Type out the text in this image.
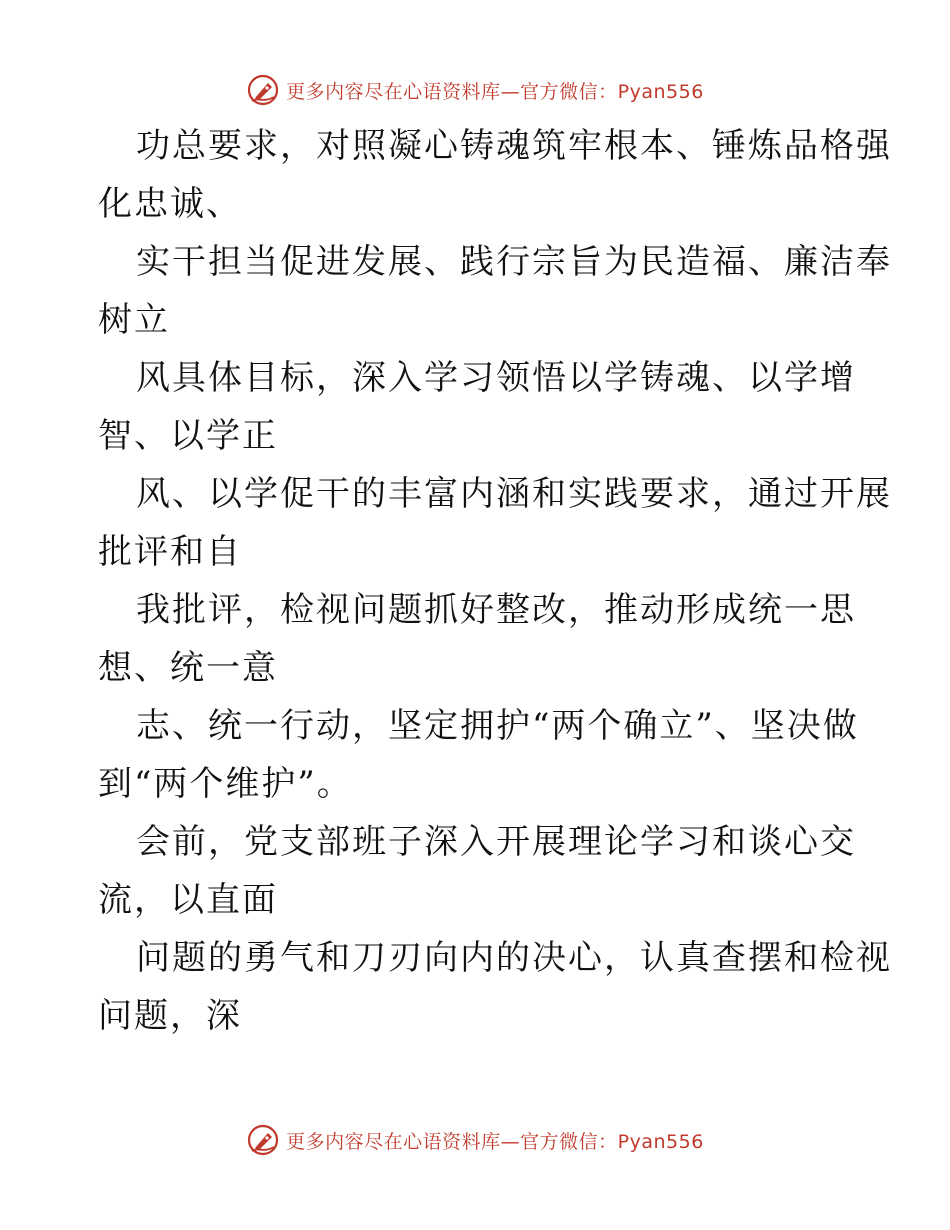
更多内容尽在心语资料库—官方微信：Pyan556
功总要求，对照凝心铸魂筑牢根本、锤炼品格强
化忠诚、
实干担当促进发展、践行宗旨为民造福、廉洁奉
树立
风具体目标，深入学习领悟以学铸魂、以学增
智、以学正
风、以学促干的丰富内涵和实践要求，通过开展
批评和自
我批评，检视问题抓好整改，推动形成统一思
想、统一意
志、统一行动，坚定拥护“两个确立”、坚决做
到“两个维护”。
会前，党支部班子深入开展理论学习和谈心交
流，以直面
问题的勇气和刀刃向内的决心，认真查摆和检视
问题，深
更多内容尽在心语资料库—官方微信：Pyan556
